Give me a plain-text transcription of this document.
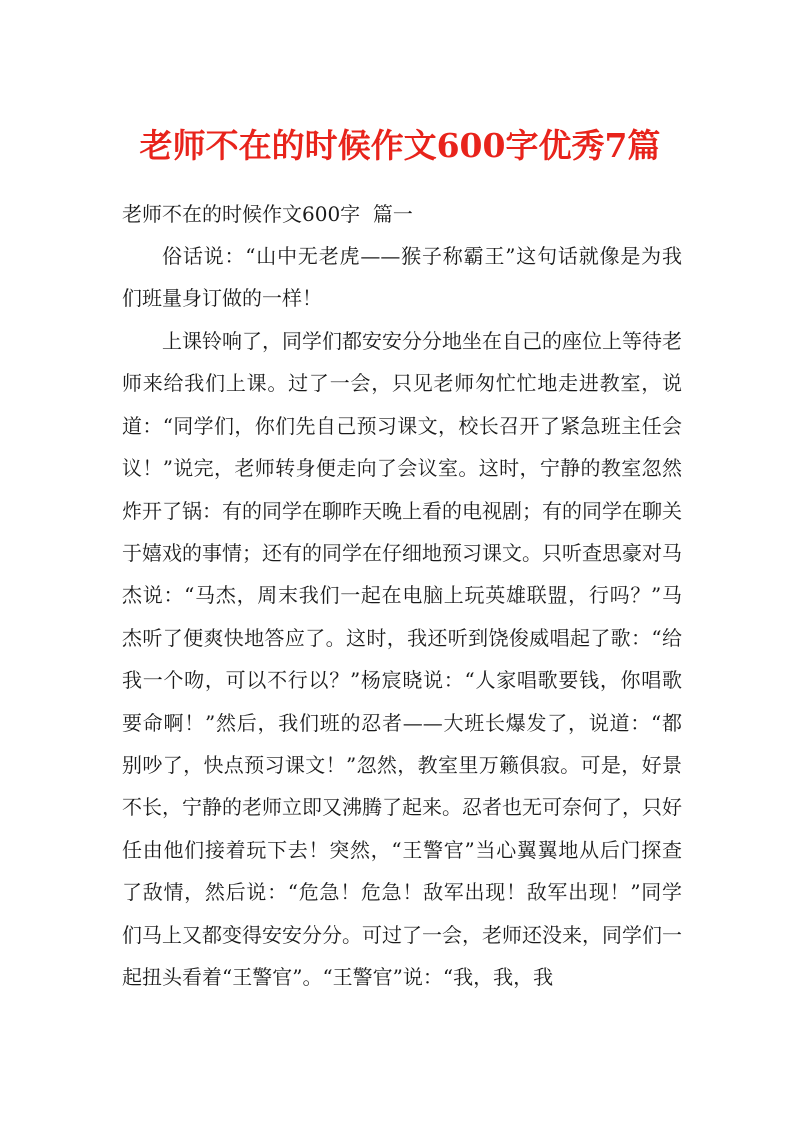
老师不在的时候作文600字优秀7篇
老师不在的时候作文600字  篇一

俗话说：“山中无老虎——猴子称霸王”这句话就像是为我们班量身订做的一样！

上课铃响了，同学们都安安分分地坐在自己的座位上等待老师来给我们上课。过了一会，只见老师匆忙忙地走进教室，说道：“同学们，你们先自己预习课文，校长召开了紧急班主任会议！”说完，老师转身便走向了会议室。这时，宁静的教室忽然炸开了锅：有的同学在聊昨天晚上看的电视剧；有的同学在聊关于嬉戏的事情；还有的同学在仔细地预习课文。只听查思豪对马杰说：“马杰，周末我们一起在电脑上玩英雄联盟，行吗？”马杰听了便爽快地答应了。这时，我还听到饶俊威唱起了歌：“给我一个吻，可以不行以？”杨宸晓说：“人家唱歌要钱，你唱歌要命啊！”然后，我们班的忍者——大班长爆发了，说道：“都别吵了，快点预习课文！”忽然，教室里万籁俱寂。可是，好景不长，宁静的老师立即又沸腾了起来。忍者也无可奈何了，只好任由他们接着玩下去！突然，“王警官”当心翼翼地从后门探查了敌情，然后说：“危急！危急！敌军出现！敌军出现！”同学们马上又都变得安安分分。可过了一会，老师还没来，同学们一起扭头看着“王警官”。“王警官”说：“我，我，我
